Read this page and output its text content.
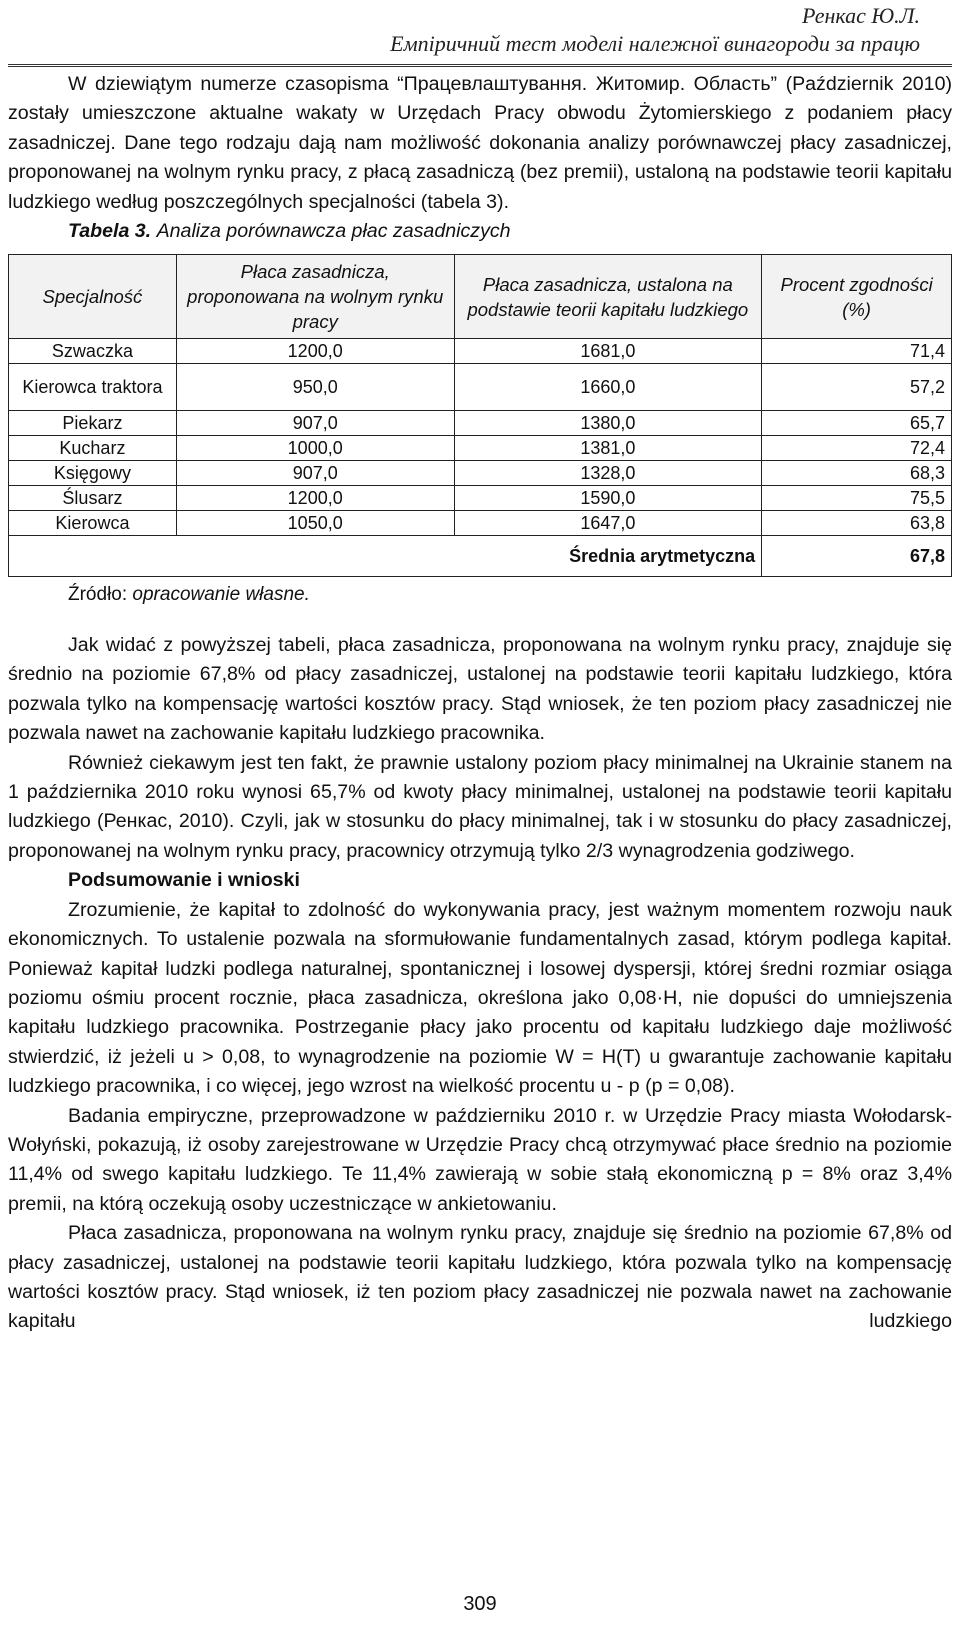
Ренкас Ю.Л.
Емпіричний тест моделі належної винагороди за працю

W dziewiątym numerze czasopisma “Працевлаштування. Житомир. Область” (Październik 2010) zostały umieszczone aktualne wakaty w Urzędach Pracy obwodu Żytomierskiego z podaniem płacy zasadniczej. Dane tego rodzaju dają nam możliwość dokonania analizy porównawczej płacy zasadniczej, proponowanej na wolnym rynku pracy, z płacą zasadniczą (bez premii), ustaloną na podstawie teorii kapitału ludzkiego według poszczególnych specjalności (tabela 3).

Tabela 3. Analiza porównawcza płac zasadniczych
Specjalność	Płaca zasadnicza, proponowana na wolnym rynku pracy	Płaca zasadnicza, ustalona na podstawie teorii kapitału ludzkiego	Procent zgodności (%)
Szwaczka	1200,0	1681,0	71,4
Kierowca traktora	950,0	1660,0	57,2
Piekarz	907,0	1380,0	65,7
Kucharz	1000,0	1381,0	72,4
Księgowy	907,0	1328,0	68,3
Ślusarz	1200,0	1590,0	75,5
Kierowca	1050,0	1647,0	63,8
		Średnia arytmetyczna	67,8
Źródło: opracowanie własne.

Jak widać z powyższej tabeli, płaca zasadnicza, proponowana na wolnym rynku pracy, znajduje się średnio na poziomie 67,8% od płacy zasadniczej, ustalonej na podstawie teorii kapitału ludzkiego, która pozwala tylko na kompensację wartości kosztów pracy. Stąd wniosek, że ten poziom płacy zasadniczej nie pozwala nawet na zachowanie kapitału ludzkiego pracownika.

Również ciekawym jest ten fakt, że prawnie ustalony poziom płacy minimalnej na Ukrainie stanem na 1 października 2010 roku wynosi 65,7% od kwoty płacy minimalnej, ustalonej na podstawie teorii kapitału ludzkiego (Ренкас, 2010). Czyli, jak w stosunku do płacy minimalnej, tak i w stosunku do płacy zasadniczej, proponowanej na wolnym rynku pracy, pracownicy otrzymują tylko 2/3 wynagrodzenia godziwego.

Podsumowanie i wnioski

Zrozumienie, że kapitał to zdolność do wykonywania pracy, jest ważnym momentem rozwoju nauk ekonomicznych. To ustalenie pozwala na sformułowanie fundamentalnych zasad, którym podlega kapitał. Ponieważ kapitał ludzki podlega naturalnej, spontanicznej i losowej dyspersji, której średni rozmiar osiąga poziomu ośmiu procent rocznie, płaca zasadnicza, określona jako 0,08·H, nie dopuści do umniejszenia kapitału ludzkiego pracownika. Postrzeganie płacy jako procentu od kapitału ludzkiego daje możliwość stwierdzić, iż jeżeli u > 0,08, to wynagrodzenie na poziomie W = H(T) u gwarantuje zachowanie kapitału ludzkiego pracownika, i co więcej, jego wzrost na wielkość procentu u - p (p = 0,08).

Badania empiryczne, przeprowadzone w październiku 2010 r. w Urzędzie Pracy miasta Wołodarsk-Wołyński, pokazują, iż osoby zarejestrowane w Urzędzie Pracy chcą otrzymywać płace średnio na poziomie 11,4% od swego kapitału ludzkiego. Te 11,4% zawierają w sobie stałą ekonomiczną p = 8% oraz 3,4% premii, na którą oczekują osoby uczestniczące w ankietowaniu.

Płaca zasadnicza, proponowana na wolnym rynku pracy, znajduje się średnio na poziomie 67,8% od płacy zasadniczej, ustalonej na podstawie teorii kapitału ludzkiego, która pozwala tylko na kompensację wartości kosztów pracy. Stąd wniosek, iż ten poziom płacy zasadniczej nie pozwala nawet na zachowanie kapitału ludzkiego

309
